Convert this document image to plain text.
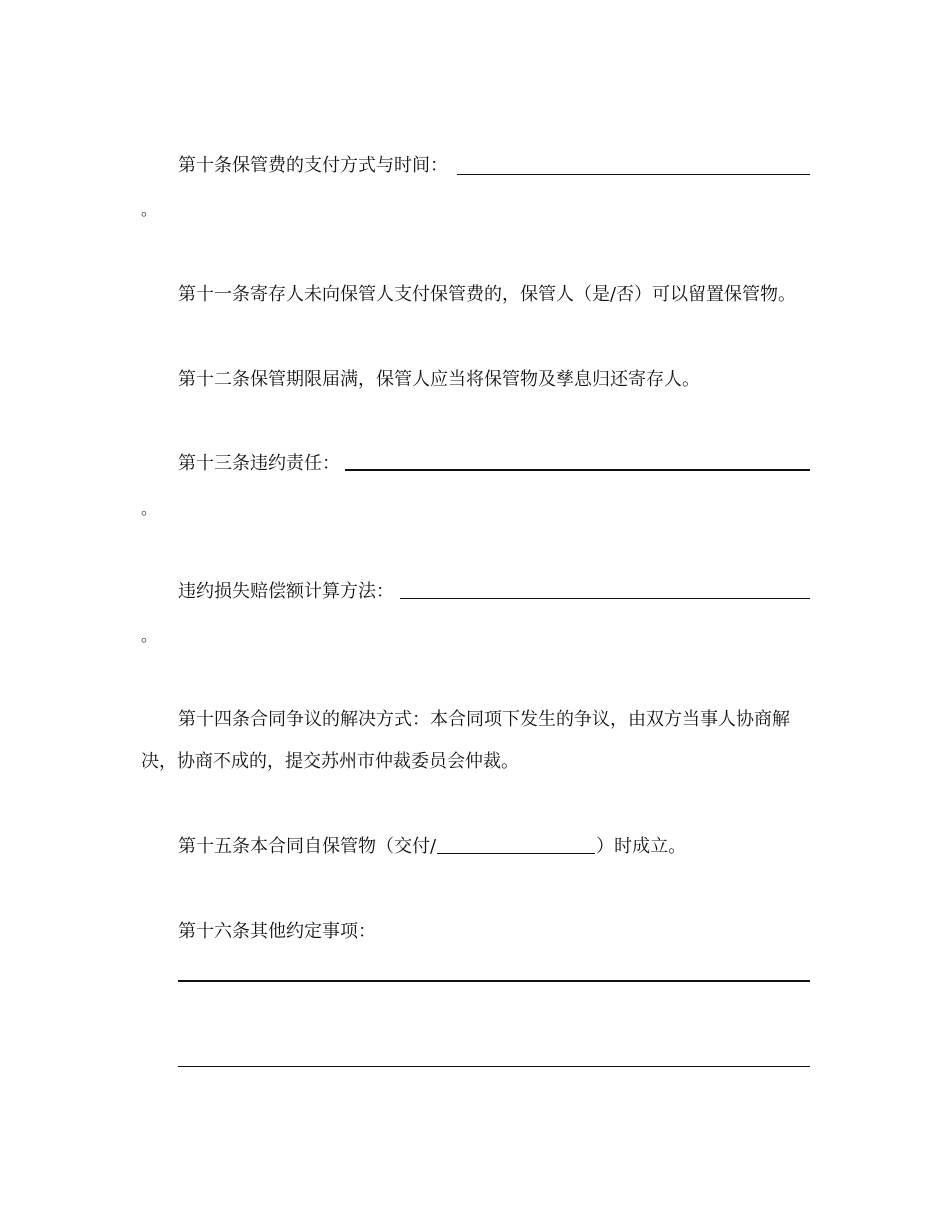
第十条保管费的支付方式与时间：
。
第十一条寄存人未向保管人支付保管费的，保管人（是/否）可以留置保管物。
第十二条保管期限届满，保管人应当将保管物及孳息归还寄存人。
第十三条违约责任：
。
违约损失赔偿额计算方法：
。
第十四条合同争议的解决方式：本合同项下发生的争议，由双方当事人协商解
决，协商不成的，提交苏州市仲裁委员会仲裁。
第十五条本合同自保管物（交付/	）时成立。
第十六条其他约定事项：
